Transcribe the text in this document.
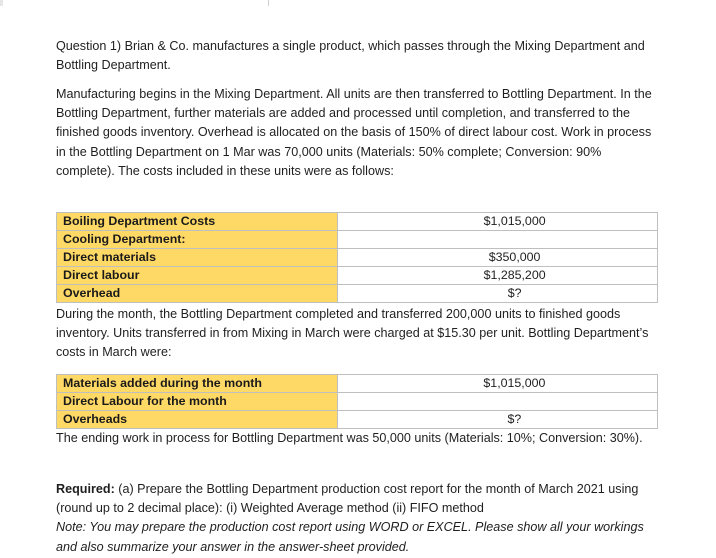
Question 1) Brian & Co. manufactures a single product, which passes through the Mixing Department and Bottling Department.

Manufacturing begins in the Mixing Department. All units are then transferred to Bottling Department. In the Bottling Department, further materials are added and processed until completion, and transferred to the finished goods inventory. Overhead is allocated on the basis of 150% of direct labour cost. Work in process in the Bottling Department on 1 Mar was 70,000 units (Materials: 50% complete; Conversion: 90% complete). The costs included in these units were as follows:

Boiling Department Costs	$1,015,000
Cooling Department:	
Direct materials	$350,000
Direct labour	$1,285,200
Overhead	$?

During the month, the Bottling Department completed and transferred 200,000 units to finished goods inventory. Units transferred in from Mixing in March were charged at $15.30 per unit. Bottling Department’s costs in March were:

Materials added during the month	$1,015,000
Direct Labour for the month	
Overheads	$?

The ending work in process for Bottling Department was 50,000 units (Materials: 10%; Conversion: 30%).

Required: (a) Prepare the Bottling Department production cost report for the month of March 2021 using (round up to 2 decimal place): (i) Weighted Average method (ii) FIFO method
Note: You may prepare the production cost report using WORD or EXCEL. Please show all your workings and also summarize your answer in the answer-sheet provided.
